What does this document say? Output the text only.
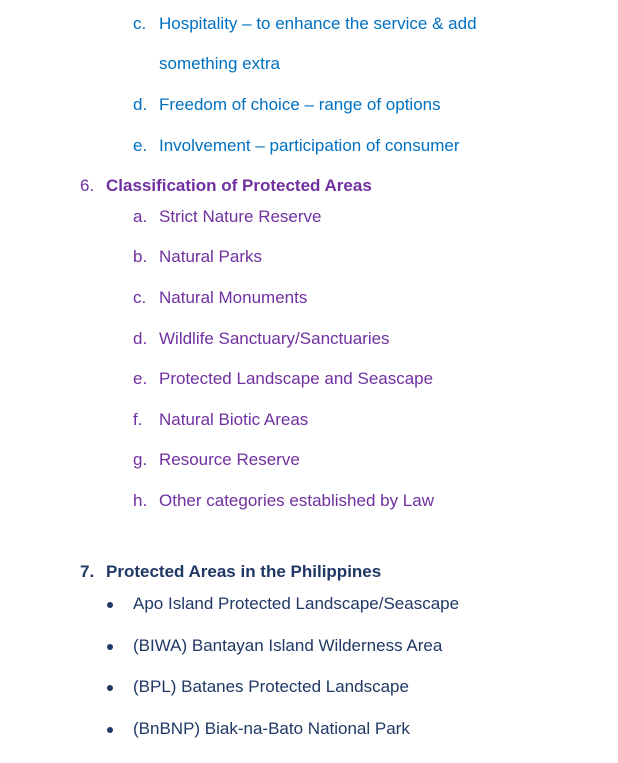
c. Hospitality – to enhance the service & add
something extra
d. Freedom of choice – range of options
e. Involvement – participation of consumer
6. Classification of Protected Areas
a. Strict Nature Reserve
b. Natural Parks
c. Natural Monuments
d. Wildlife Sanctuary/Sanctuaries
e. Protected Landscape and Seascape
f. Natural Biotic Areas
g. Resource Reserve
h. Other categories established by Law
7. Protected Areas in the Philippines
Apo Island Protected Landscape/Seascape
(BIWA) Bantayan Island Wilderness Area
(BPL) Batanes Protected Landscape
(BnBNP) Biak-na-Bato National Park
